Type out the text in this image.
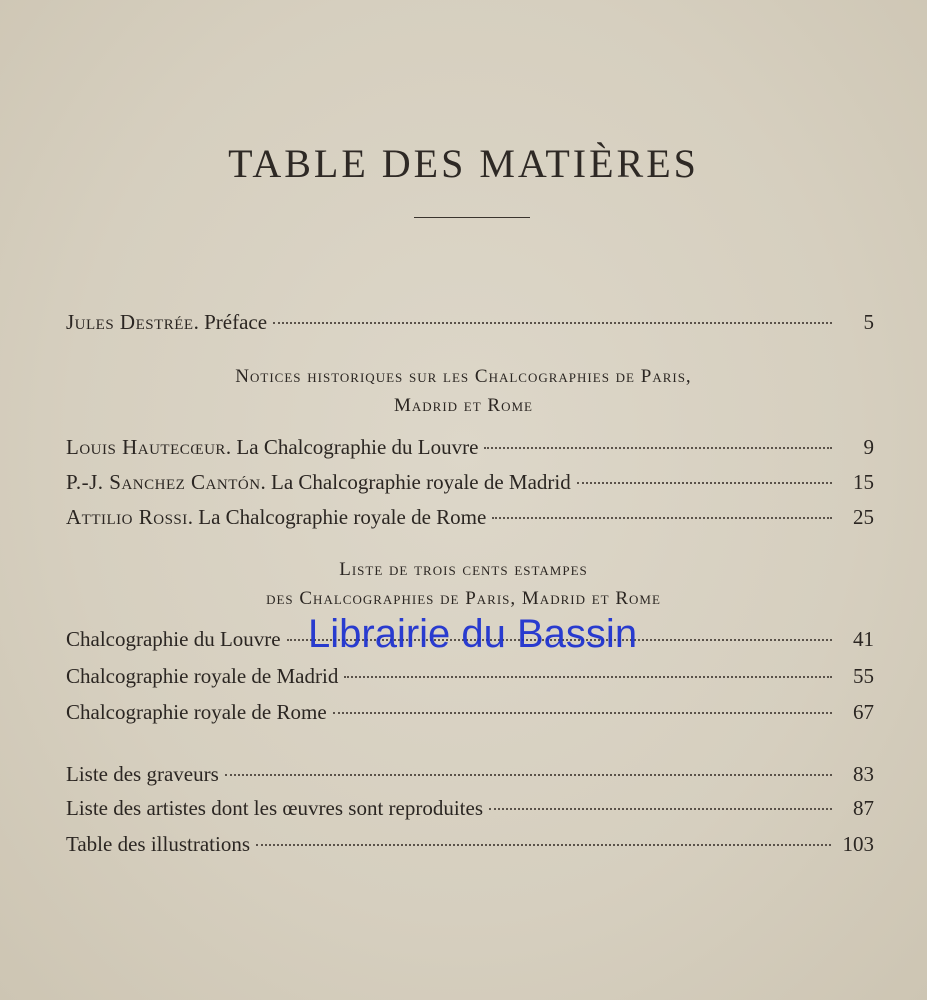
TABLE DES MATIÈRES
Jules Destrée. Préface	5
Notices historiques sur les Chalcographies de Paris,
Madrid et Rome
Louis Hautecœur. La Chalcographie du Louvre	9
P.-J. Sanchez Cantón. La Chalcographie royale de Madrid	15
Attilio Rossi. La Chalcographie royale de Rome	25
Liste de trois cents estampes
des Chalcographies de Paris, Madrid et Rome
Chalcographie du Louvre	41
Chalcographie royale de Madrid	55
Chalcographie royale de Rome	67
Liste des graveurs	83
Liste des artistes dont les œuvres sont reproduites	87
Table des illustrations	103
Librairie du Bassin
